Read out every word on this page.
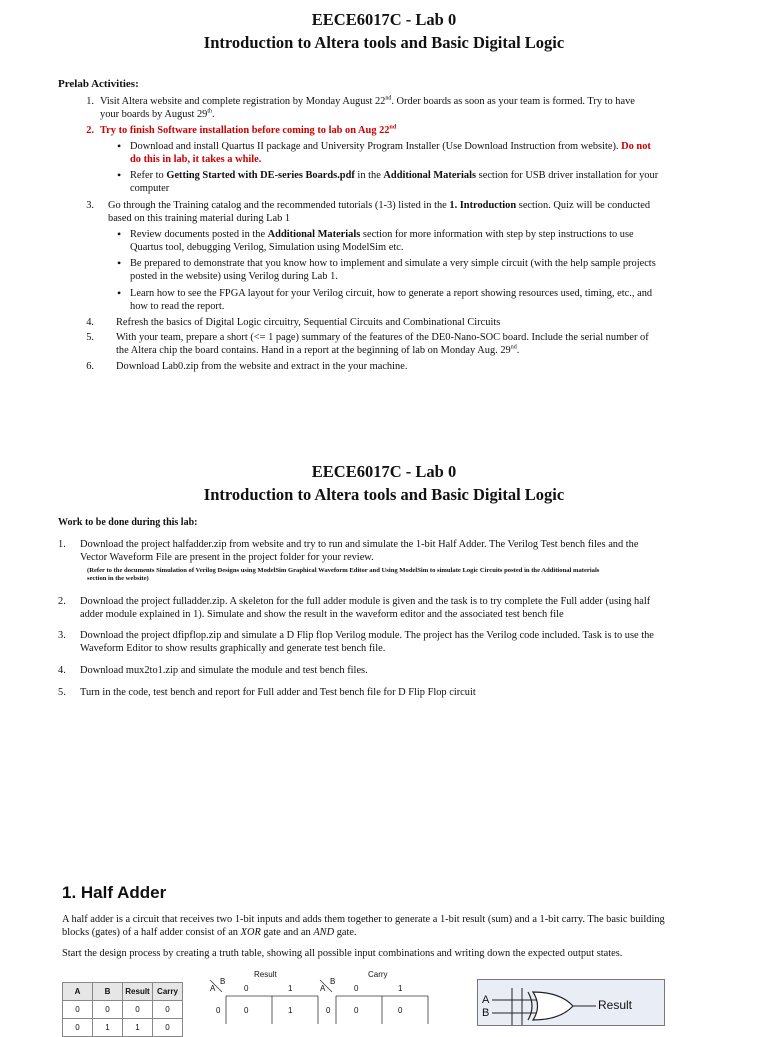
EECE6017C - Lab 0
Introduction to Altera tools and Basic Digital Logic
Prelab Activities:
1. Visit Altera website and complete registration by Monday August 22nd. Order boards as soon as your team is formed. Try to have
your boards by August 29th.
2. Try to finish Software installation before coming to lab on Aug 22nd
• Download and install Quartus II package and University Program Installer (Use Download Instruction from website). Do not
do this in lab, it takes a while.
• Refer to Getting Started with DE-series Boards.pdf in the Additional Materials section for USB driver installation for your
computer
3. Go through the Training catalog and the recommended tutorials (1-3) listed in the 1. Introduction section. Quiz will be conducted
based on this training material during Lab 1
• Review documents posted in the Additional Materials section for more information with step by step instructions to use
Quartus tool, debugging Verilog, Simulation using ModelSim etc.
• Be prepared to demonstrate that you know how to implement and simulate a very simple circuit (with the help sample projects
posted in the website) using Verilog during Lab 1.
• Learn how to see the FPGA layout for your Verilog circuit, how to generate a report showing resources used, timing, etc., and
how to read the report.
4. Refresh the basics of Digital Logic circuitry, Sequential Circuits and Combinational Circuits
5. With your team, prepare a short (<= 1 page) summary of the features of the DE0-Nano-SOC board. Include the serial number of
the Altera chip the board contains. Hand in a report at the beginning of lab on Monday Aug. 29nd.
6. Download Lab0.zip from the website and extract in the your machine.
EECE6017C - Lab 0
Introduction to Altera tools and Basic Digital Logic
Work to be done during this lab:
1. Download the project halfadder.zip from website and try to run and simulate the 1-bit Half Adder. The Verilog Test bench files and the
Vector Waveform File are present in the project folder for your review.
(Refer to the documents Simulation of Verilog Designs using ModelSim Graphical Waveform Editor and Using ModelSim to simulate Logic Circuits posted in the Additional materials
section in the website)
2. Download the project fulladder.zip. A skeleton for the full adder module is given and the task is to try complete the Full adder (using half
adder module explained in 1). Simulate and show the result in the waveform editor and the associated test bench file
3. Download the project dfipflop.zip and simulate a D Flip flop Verilog module. The project has the Verilog code included. Task is to use the
Waveform Editor to show results graphically and generate test bench file.
4. Download mux2to1.zip and simulate the module and test bench files.
5. Turn in the code, test bench and report for Full adder and Test bench file for D Flip Flop circuit
1. Half Adder
A half adder is a circuit that receives two 1-bit inputs and adds them together to generate a 1-bit result (sum) and a 1-bit carry. The basic building
blocks (gates) of a half adder consist of an XOR gate and an AND gate.
Start the design process by creating a truth table, showing all possible input combinations and writing down the expected output states.
A	B	Result	Carry
0	0	0	0
0	1	1	0
Result
B
A	0	1
0	0	1
Carry
B
A	0	1
0	0	0
A
B
Result
